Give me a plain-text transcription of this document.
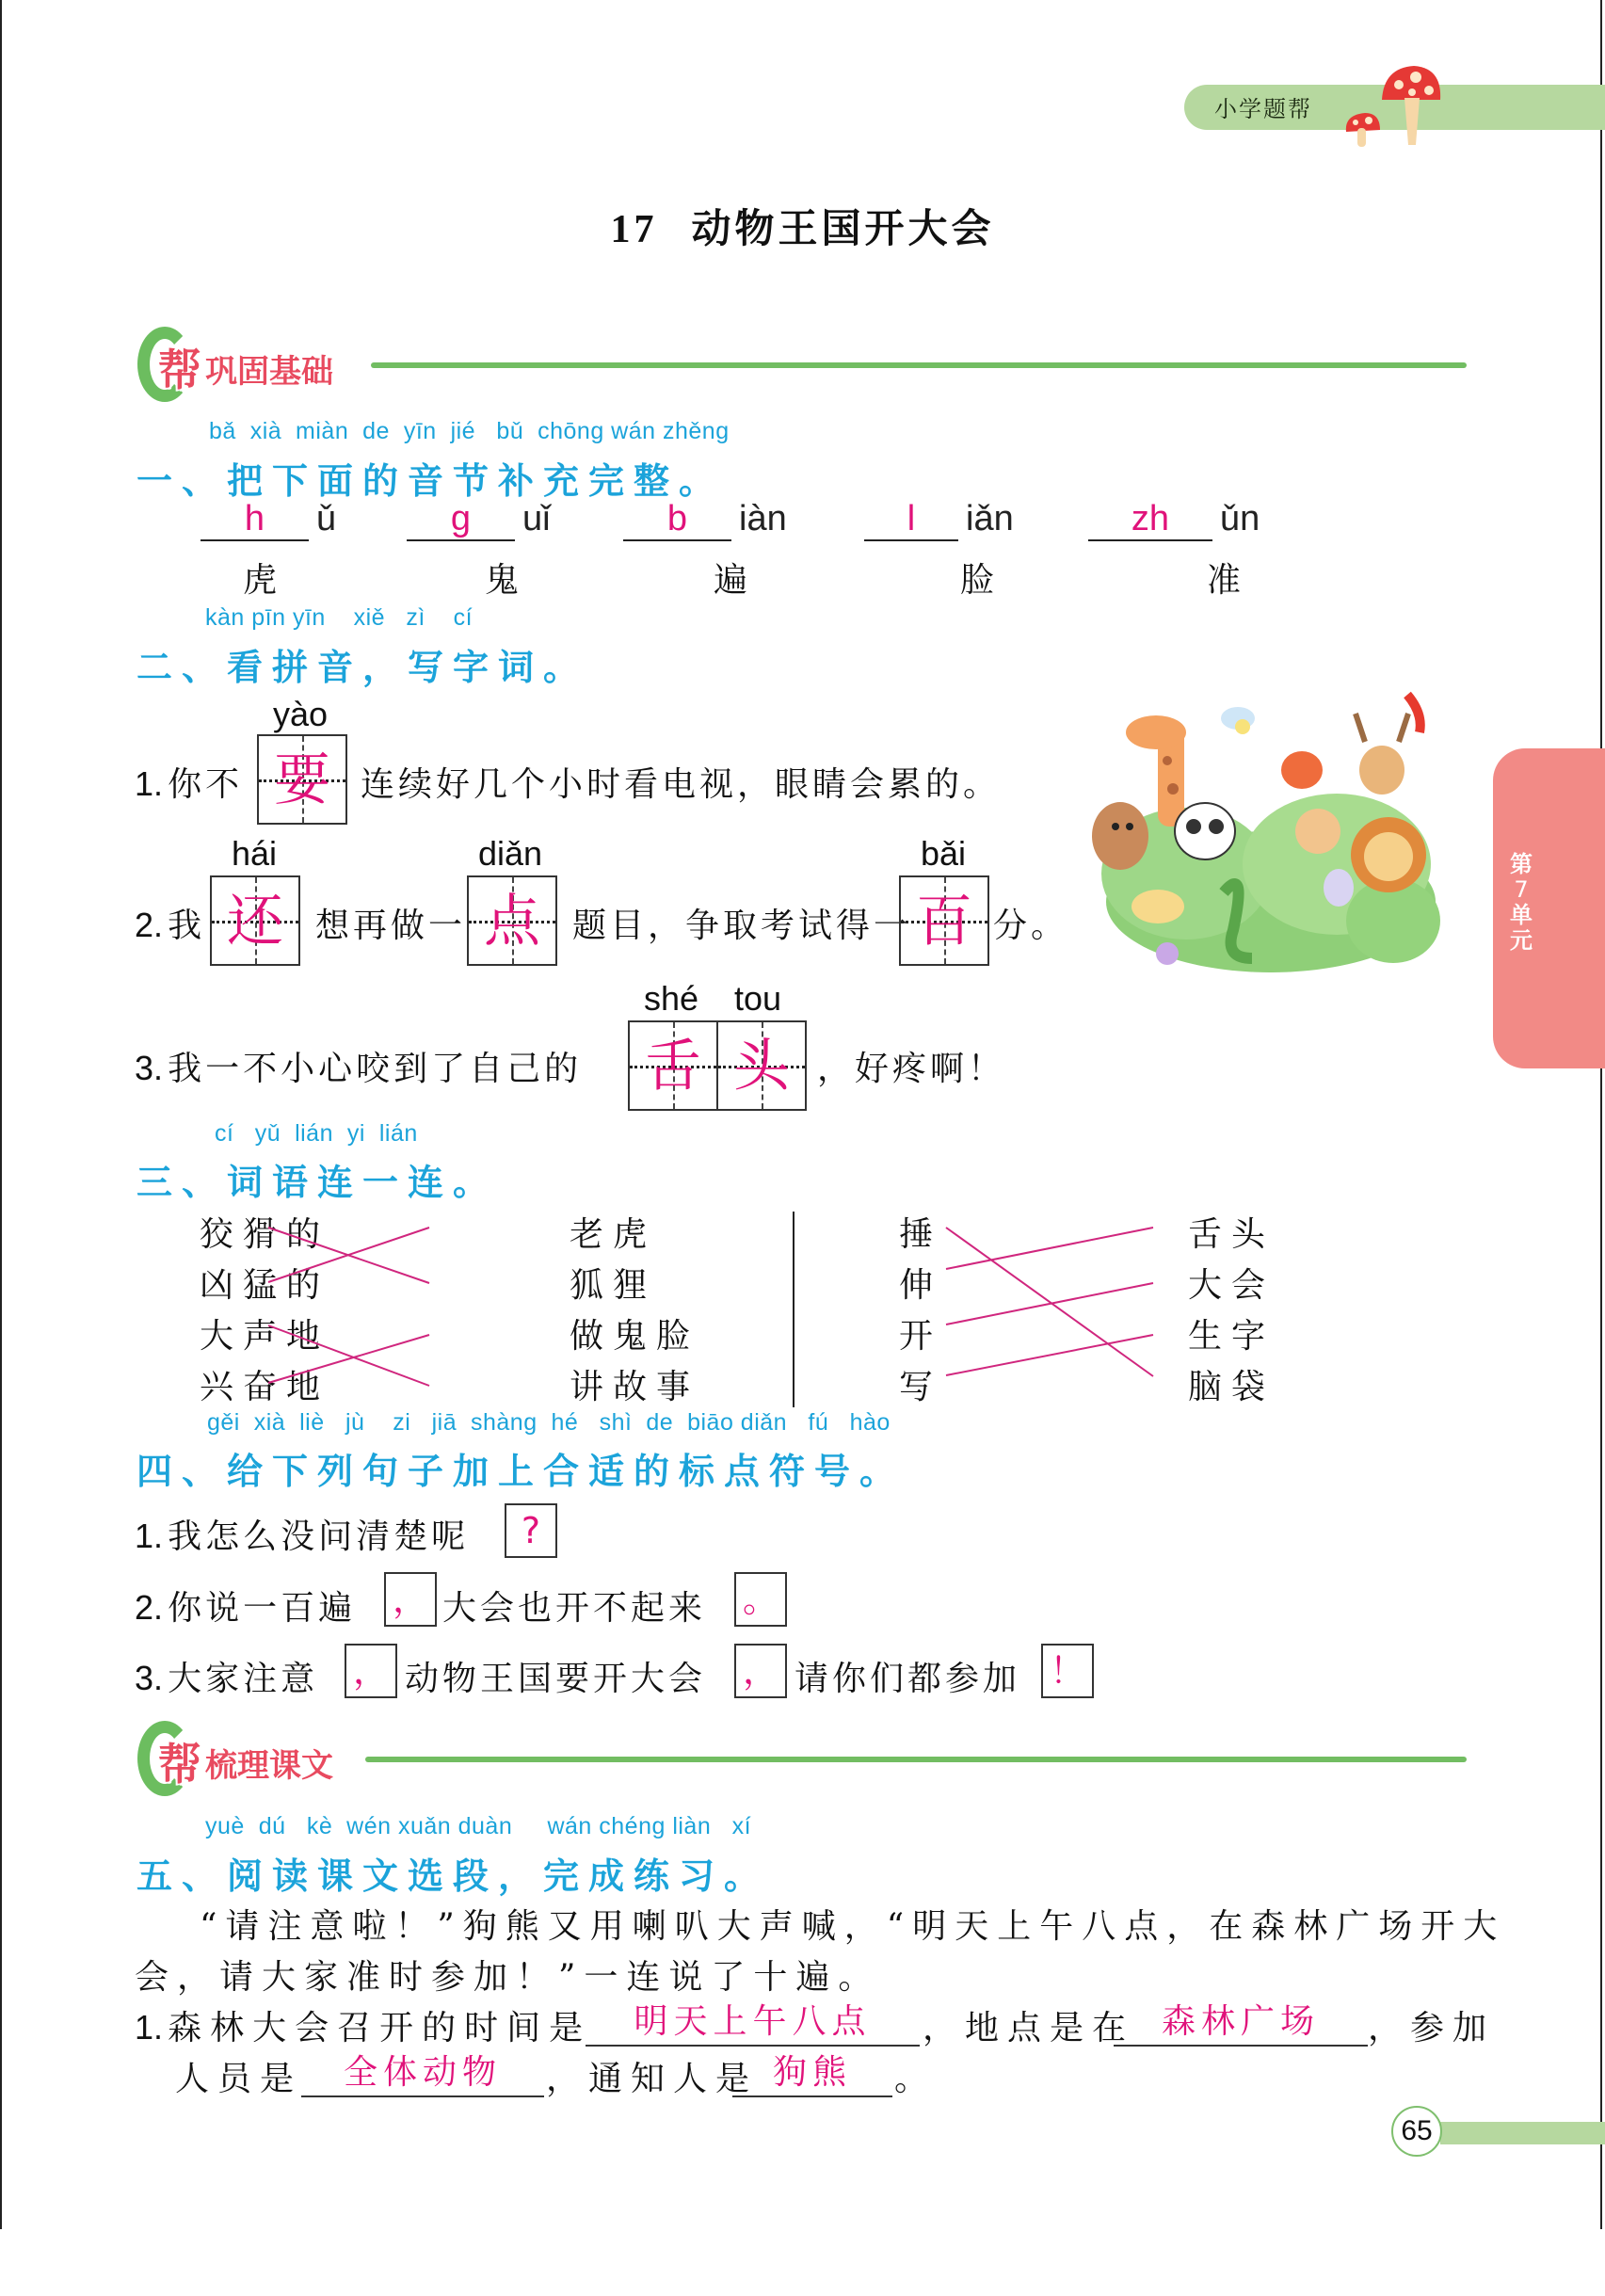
小学题帮
17 动物王国开大会
帮 巩固基础
bǎ  xià  miàn  de  yīn  jié   bǔ  chōng wán zhěng
一、把下面的音节补充完整。
h ǔ
虎
g uǐ
鬼
b iàn
遍
l iǎn
脸
zh ǔn
准
kàn pīn yīn    xiě   zì    cí
二、看拼音，写字词。
yào
1. 你不 要 连续好几个小时看电视，眼睛会累的。
hái	diǎn	bǎi
2. 我 还 想再做一 点 题目，争取考试得一 百 分。
shé tou
3. 我一不小心咬到了自己的 舌 头 ，好疼啊！
cí   yǔ  lián  yi  lián
三、词语连一连。
狡猾的
凶猛的
大声地
兴奋地
老虎
狐狸
做鬼脸
讲故事
捶
伸
开
写
舌头
大会
生字
脑袋
gěi  xià  liè   jù    zi   jiā  shàng  hé   shì  de  biāo diǎn   fú   hào
四、给下列句子加上合适的标点符号。
1. 我怎么没问清楚呢	?
2. 你说一百遍 ， 大会也开不起来 。
3. 大家注意 ， 动物王国要开大会 ， 请你们都参加 ！
帮 梳理课文
yuè  dú   kè  wén xuǎn duàn     wán chéng liàn   xí
五、阅读课文选段，完成练习。
“请注意啦！”狗熊又用喇叭大声喊，“明天上午八点，在森林广场开大
会，请大家准时参加！”一连说了十遍。
1. 森林大会召开的时间是	明天上午八点	，地点是在 森林广场	，参加
人员是	全体动物	，通知人是 狗熊	。
第
7
单
元
65
